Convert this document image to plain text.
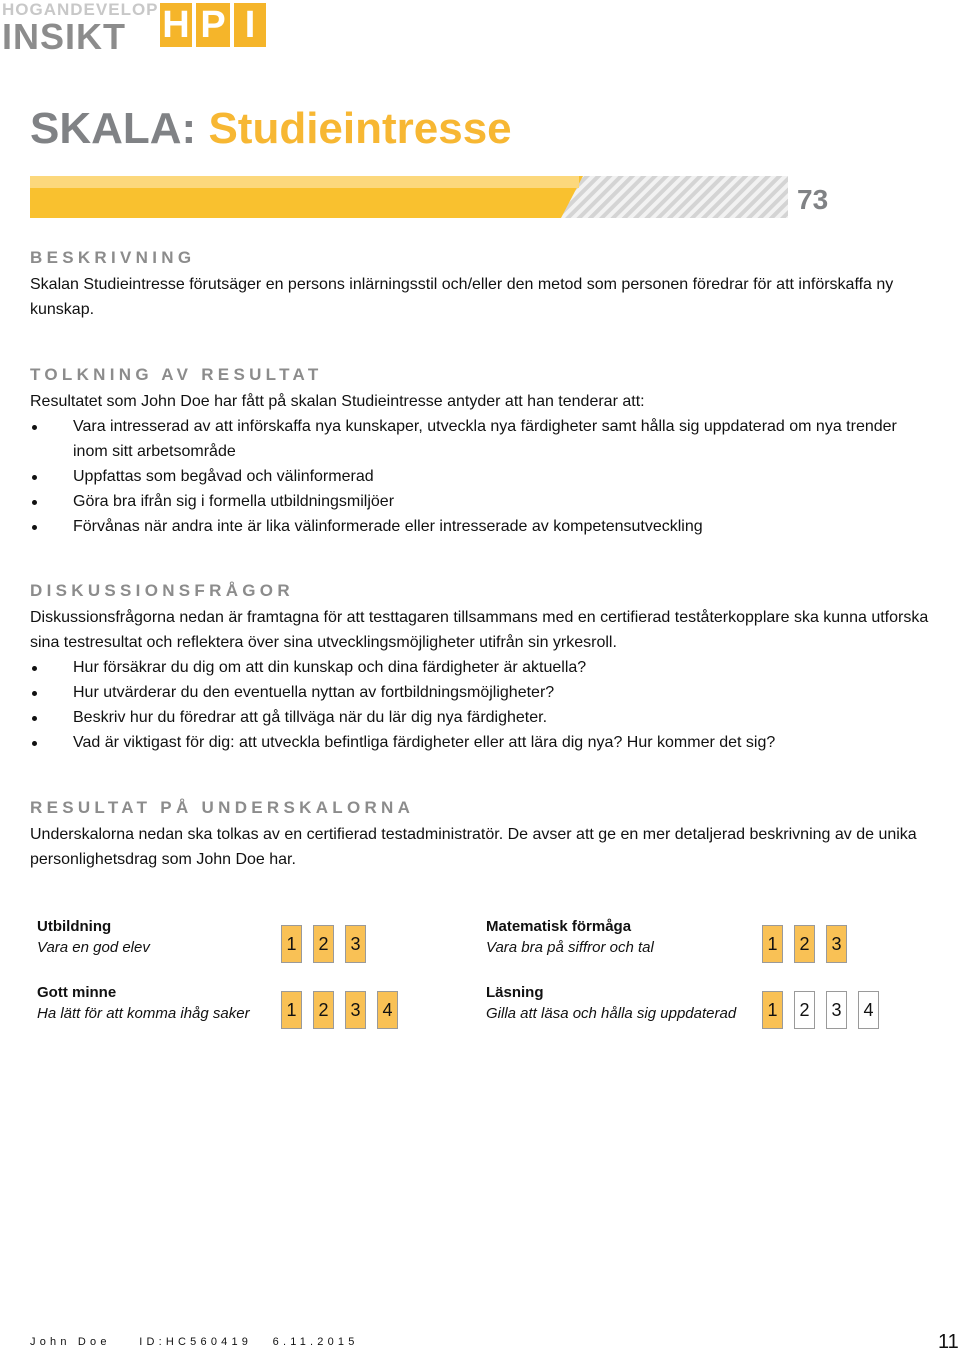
HOGANDEVELOP
INSIKT H P I
SKALA: Studieintresse
73
BESKRIVNING
Skalan Studieintresse förutsäger en persons inlärningsstil och/eller den metod som personen föredrar för att införskaffa ny kunskap.
TOLKNING AV RESULTAT
Resultatet som John Doe har fått på skalan Studieintresse antyder att han tenderar att:
Vara intresserad av att införskaffa nya kunskaper, utveckla nya färdigheter samt hålla sig uppdaterad om nya trender inom sitt arbetsområde
Uppfattas som begåvad och välinformerad
Göra bra ifrån sig i formella utbildningsmiljöer
Förvånas när andra inte är lika välinformerade eller intresserade av kompetensutveckling
DISKUSSIONSFRÅGOR
Diskussionsfrågorna nedan är framtagna för att testtagaren tillsammans med en certifierad teståterkopplare ska kunna utforska sina testresultat och reflektera över sina utvecklingsmöjligheter utifrån sin yrkesroll.
Hur försäkrar du dig om att din kunskap och dina färdigheter är aktuella?
Hur utvärderar du den eventuella nyttan av fortbildningsmöjligheter?
Beskriv hur du föredrar att gå tillväga när du lär dig nya färdigheter.
Vad är viktigast för dig: att utveckla befintliga färdigheter eller att lära dig nya? Hur kommer det sig?
RESULTAT PÅ UNDERSKALORNA
Underskalorna nedan ska tolkas av en certifierad testadministratör. De avser att ge en mer detaljerad beskrivning av de unika personlighetsdrag som John Doe har.
Utbildning
Vara en god elev	1	2	3
Matematisk förmåga
Vara bra på siffror och tal	1	2	3
Gott minne
Ha lätt för att komma ihåg saker	1	2	3	4
Läsning
Gilla att läsa och hålla sig uppdaterad	1	2	3	4
John Doe	ID:HC560419 6.11.2015	11
